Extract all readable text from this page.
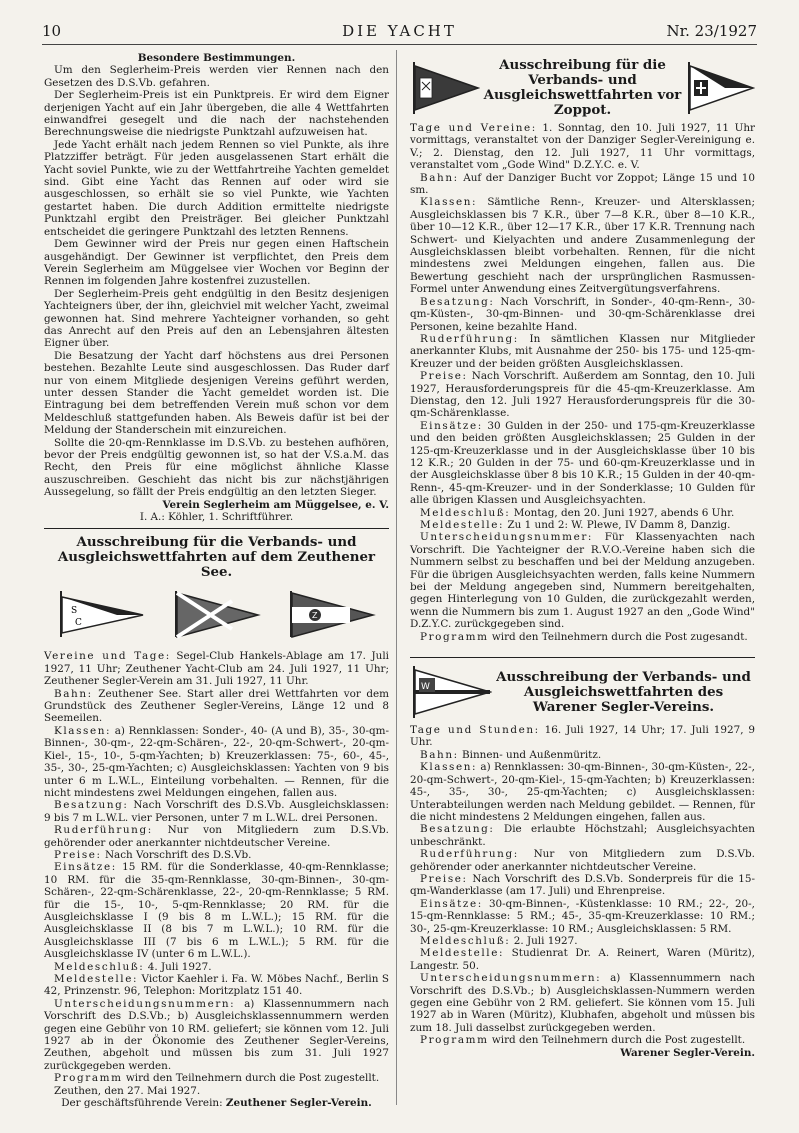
10	DIE YACHT	Nr. 23/1927

Besondere Bestimmungen.

Um den Seglerheim-Preis werden vier Rennen nach den Gesetzen des D.S.Vb. gefahren.

Der Seglerheim-Preis ist ein Punktpreis. Er wird dem Eigner derjenigen Yacht auf ein Jahr übergeben, die alle 4 Wettfahrten einwandfrei gesegelt und die nach der nachstehenden Berechnungsweise die niedrigste Punktzahl aufzuweisen hat.

Jede Yacht erhält nach jedem Rennen so viel Punkte, als ihre Platzziffer beträgt. Für jeden ausgelassenen Start erhält die Yacht soviel Punkte, wie zu der Wettfahrtreihe Yachten gemeldet sind. Gibt eine Yacht das Rennen auf oder wird sie ausgeschlossen, so erhält sie so viel Punkte, wie Yachten gestartet haben. Die durch Addition ermittelte niedrigste Punktzahl ergibt den Preisträger. Bei gleicher Punktzahl entscheidet die geringere Punktzahl des letzten Rennens.

Dem Gewinner wird der Preis nur gegen einen Haftschein ausgehändigt. Der Gewinner ist verpflichtet, den Preis dem Verein Seglerheim am Müggelsee vier Wochen vor Beginn der Rennen im folgenden Jahre kostenfrei zuzustellen.

Der Seglerheim-Preis geht endgültig in den Besitz desjenigen Yachteigners über, der ihn, gleichviel mit welcher Yacht, zweimal gewonnen hat. Sind mehrere Yachteigner vorhanden, so geht das Anrecht auf den Preis auf den an Lebensjahren ältesten Eigner über.

Die Besatzung der Yacht darf höchstens aus drei Personen bestehen. Bezahlte Leute sind ausgeschlossen. Das Ruder darf nur von einem Mitgliede desjenigen Vereins geführt werden, unter dessen Stander die Yacht gemeldet worden ist. Die Eintragung bei dem betreffenden Verein muß schon vor dem Meldeschluß stattgefunden haben. Als Beweis dafür ist bei der Meldung der Standerschein mit einzureichen.

Sollte die 20-qm-Rennklasse im D.S.Vb. zu bestehen aufhören, bevor der Preis endgültig gewonnen ist, so hat der V.S.a.M. das Recht, den Preis für eine möglichst ähnliche Klasse auszuschreiben. Geschieht das nicht bis zur nächstjährigen Aussegelung, so fällt der Preis endgültig an den letzten Sieger.

Verein Seglerheim am Müggelsee, e. V.

I. A.: Köhler, 1. Schriftführer.

Ausschreibung für die Verbands- und Ausgleichswettfahrten auf dem Zeuthener See.
S
C
Z

Vereine und Tage: Segel-Club Hankels-Ablage am 17. Juli 1927, 11 Uhr; Zeuthener Yacht-Club am 24. Juli 1927, 11 Uhr; Zeuthener Segler-Verein am 31. Juli 1927, 11 Uhr.

Bahn: Zeuthener See. Start aller drei Wettfahrten vor dem Grundstück des Zeuthener Segler-Vereins, Länge 12 und 8 Seemeilen.

Klassen: a) Rennklassen: Sonder-, 40- (A und B), 35-, 30-qm-Binnen-, 30-qm-, 22-qm-Schären-, 22-, 20-qm-Schwert-, 20-qm-Kiel-, 15-, 10-, 5-qm-Yachten; b) Kreuzerklassen: 75-, 60-, 45-, 35-, 30-, 25-qm-Yachten; c) Ausgleichsklassen: Yachten von 9 bis unter 6 m L.W.L., Einteilung vorbehalten. — Rennen, für die nicht mindestens zwei Meldungen eingehen, fallen aus.

Besatzung: Nach Vorschrift des D.S.Vb. Ausgleichsklassen: 9 bis 7 m L.W.L. vier Personen, unter 7 m L.W.L. drei Personen.

Ruderführung: Nur von Mitgliedern zum D.S.Vb. gehörender oder anerkannter nichtdeutscher Vereine.

Preise: Nach Vorschrift des D.S.Vb.

Einsätze: 15 RM. für die Sonderklasse, 40-qm-Rennklasse; 10 RM. für die 35-qm-Rennklasse, 30-qm-Binnen-, 30-qm-Schären-, 22-qm-Schärenklasse, 22-, 20-qm-Rennklasse; 5 RM. für die 15-, 10-, 5-qm-Rennklasse; 20 RM. für die Ausgleichsklasse I (9 bis 8 m L.W.L.); 15 RM. für die Ausgleichsklasse II (8 bis 7 m L.W.L.); 10 RM. für die Ausgleichsklasse III (7 bis 6 m L.W.L.); 5 RM. für die Ausgleichsklasse IV (unter 6 m L.W.L.).

Meldeschluß: 4. Juli 1927.

Meldestelle: Victor Kaehler i. Fa. W. Möbes Nachf., Berlin S 42, Prinzenstr. 96, Telephon: Moritzplatz 151 40.

Unterscheidungsnummern: a) Klassennummern nach Vorschrift des D.S.Vb.; b) Ausgleichsklassennummern werden gegen eine Gebühr von 10 RM. geliefert; sie können vom 12. Juli 1927 ab in der Ökonomie des Zeuthener Segler-Vereins, Zeuthen, abgeholt und müssen bis zum 31. Juli 1927 zurückgegeben werden.

Programm wird den Teilnehmern durch die Post zugestellt.

Zeuthen, den 27. Mai 1927.

Der geschäftsführende Verein: Zeuthener Segler-Verein.

Ausschreibung für die Verbands- und Ausgleichswettfahrten vor Zoppot.

Tage und Vereine: 1. Sonntag, den 10. Juli 1927, 11 Uhr vormittags, veranstaltet von der Danziger Segler-Vereinigung e. V.; 2. Dienstag, den 12. Juli 1927, 11 Uhr vormittags, veranstaltet vom „Gode Wind" D.Z.Y.C. e. V.

Bahn: Auf der Danziger Bucht vor Zoppot; Länge 15 und 10 sm.

Klassen: Sämtliche Renn-, Kreuzer- und Altersklassen; Ausgleichsklassen bis 7 K.R., über 7—8 K.R., über 8—10 K.R., über 10—12 K.R., über 12—17 K.R., über 17 K.R. Trennung nach Schwert- und Kielyachten und andere Zusammenlegung der Ausgleichsklassen bleibt vorbehalten. Rennen, für die nicht mindestens zwei Meldungen eingehen, fallen aus. Die Bewertung geschieht nach der ursprünglichen Rasmussen-Formel unter Anwendung eines Zeitvergütungsverfahrens.

Besatzung: Nach Vorschrift, in Sonder-, 40-qm-Renn-, 30-qm-Küsten-, 30-qm-Binnen- und 30-qm-Schärenklasse drei Personen, keine bezahlte Hand.

Ruderführung: In sämtlichen Klassen nur Mitglieder anerkannter Klubs, mit Ausnahme der 250- bis 175- und 125-qm-Kreuzer und der beiden größten Ausgleichsklassen.

Preise: Nach Vorschrift. Außerdem am Sonntag, den 10. Juli 1927, Herausforderungspreis für die 45-qm-Kreuzerklasse. Am Dienstag, den 12. Juli 1927 Herausforderungspreis für die 30-qm-Schärenklasse.

Einsätze: 30 Gulden in der 250- und 175-qm-Kreuzerklasse und den beiden größten Ausgleichsklassen; 25 Gulden in der 125-qm-Kreuzerklasse und in der Ausgleichsklasse über 10 bis 12 K.R.; 20 Gulden in der 75- und 60-qm-Kreuzerklasse und in der Ausgleichsklasse über 8 bis 10 K.R.; 15 Gulden in der 40-qm-Renn-, 45-qm-Kreuzer- und in der Sonderklasse; 10 Gulden für alle übrigen Klassen und Ausgleichsyachten.

Meldeschluß: Montag, den 20. Juni 1927, abends 6 Uhr.

Meldestelle: Zu 1 und 2: W. Plewe, IV Damm 8, Danzig.

Unterscheidungsnummer: Für Klassenyachten nach Vorschrift. Die Yachteigner der R.V.O.-Vereine haben sich die Nummern selbst zu beschaffen und bei der Meldung anzugeben. Für die übrigen Ausgleichsyachten werden, falls keine Nummern bei der Meldung angegeben sind, Nummern bereitgehalten, gegen Hinterlegung von 10 Gulden, die zurückgezahlt werden, wenn die Nummern bis zum 1. August 1927 an den „Gode Wind" D.Z.Y.C. zurückgegeben sind.

Programm wird den Teilnehmern durch die Post zugesandt.

W
Ausschreibung der Verbands- und Ausgleichswettfahrten des Warener Segler-Vereins.

Tage und Stunden: 16. Juli 1927, 14 Uhr; 17. Juli 1927, 9 Uhr.

Bahn: Binnen- und Außenmüritz.

Klassen: a) Rennklassen: 30-qm-Binnen-, 30-qm-Küsten-, 22-, 20-qm-Schwert-, 20-qm-Kiel-, 15-qm-Yachten; b) Kreuzerklassen: 45-, 35-, 30-, 25-qm-Yachten; c) Ausgleichsklassen: Unterabteilungen werden nach Meldung gebildet. — Rennen, für die nicht mindestens 2 Meldungen eingehen, fallen aus.

Besatzung: Die erlaubte Höchstzahl; Ausgleichsyachten unbeschränkt.

Ruderführung: Nur von Mitgliedern zum D.S.Vb. gehörender oder anerkannter nichtdeutscher Vereine.

Preise: Nach Vorschrift des D.S.Vb. Sonderpreis für die 15-qm-Wanderklasse (am 17. Juli) und Ehrenpreise.

Einsätze: 30-qm-Binnen-, -Küstenklasse: 10 RM.; 22-, 20-, 15-qm-Rennklasse: 5 RM.; 45-, 35-qm-Kreuzerklasse: 10 RM.; 30-, 25-qm-Kreuzerklasse: 10 RM.; Ausgleichsklassen: 5 RM.

Meldeschluß: 2. Juli 1927.

Meldestelle: Studienrat Dr. A. Reinert, Waren (Müritz), Langestr. 50.

Unterscheidungsnummern: a) Klassennummern nach Vorschrift des D.S.Vb.; b) Ausgleichsklassen-Nummern werden gegen eine Gebühr von 2 RM. geliefert. Sie können vom 15. Juli 1927 ab in Waren (Müritz), Klubhafen, abgeholt und müssen bis zum 18. Juli dasselbst zurückgegeben werden.

Programm wird den Teilnehmern durch die Post zugestellt.

Warener Segler-Verein.
